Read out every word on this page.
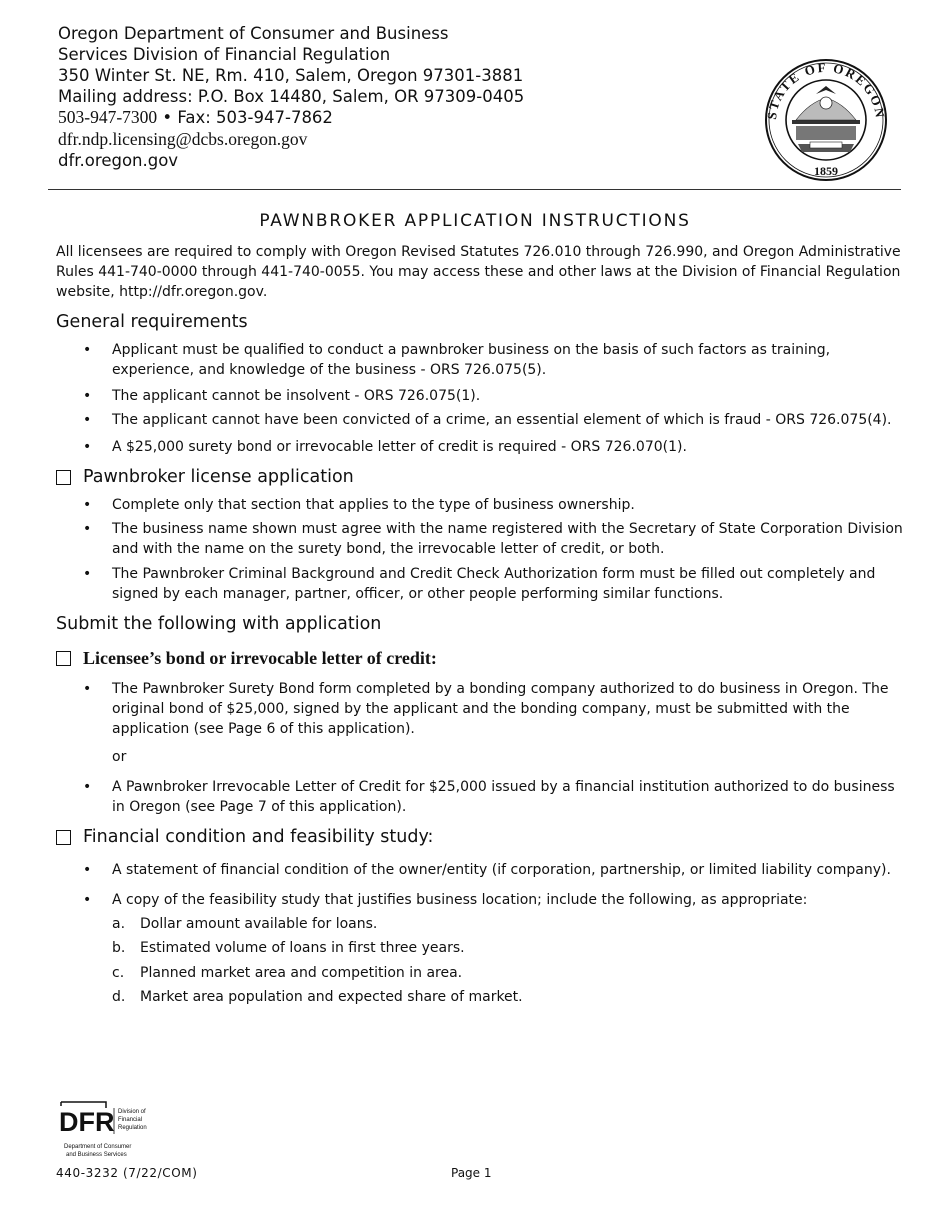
Oregon Department of Consumer and Business
Services Division of Financial Regulation
350 Winter St. NE, Rm. 410, Salem, Oregon 97301-3881
Mailing address: P.O. Box 14480, Salem, OR 97309-0405
503-947-7300 • Fax: 503-947-7862
dfr.ndp.licensing@dcbs.oregon.gov
dfr.oregon.gov
STATE OF OREGON
1859
PAWNBROKER APPLICATION INSTRUCTIONS
All licensees are required to comply with Oregon Revised Statutes 726.010 through 726.990, and Oregon Administrative Rules 441-740-0000 through 441-740-0055. You may access these and other laws at the Division of Financial Regulation website, http://dfr.oregon.gov.
General requirements
• Applicant must be qualified to conduct a pawnbroker business on the basis of such factors as training, experience, and knowledge of the business - ORS 726.075(5).
• The applicant cannot be insolvent - ORS 726.075(1).
• The applicant cannot have been convicted of a crime, an essential element of which is fraud - ORS 726.075(4).
• A $25,000 surety bond or irrevocable letter of credit is required - ORS 726.070(1).
Pawnbroker license application
• Complete only that section that applies to the type of business ownership.
• The business name shown must agree with the name registered with the Secretary of State Corporation Division and with the name on the surety bond, the irrevocable letter of credit, or both.
• The Pawnbroker Criminal Background and Credit Check Authorization form must be filled out completely and signed by each manager, partner, officer, or other people performing similar functions.
Submit the following with application
Licensee’s bond or irrevocable letter of credit:
• The Pawnbroker Surety Bond form completed by a bonding company authorized to do business in Oregon. The original bond of $25,000, signed by the applicant and the bonding company, must be submitted with the application (see Page 6 of this application).
or
• A Pawnbroker Irrevocable Letter of Credit for $25,000 issued by a financial institution authorized to do business in Oregon (see Page 7 of this application).
Financial condition and feasibility study:
• A statement of financial condition of the owner/entity (if corporation, partnership, or limited liability company).
• A copy of the feasibility study that justifies business location; include the following, as appropriate:
a. Dollar amount available for loans.
b. Estimated volume of loans in first three years.
c. Planned market area and competition in area.
d. Market area population and expected share of market.
DFR Division of
Financial
Regulation
Department of Consumer
and Business Services
440-3232 (7/22/COM)	Page 1
